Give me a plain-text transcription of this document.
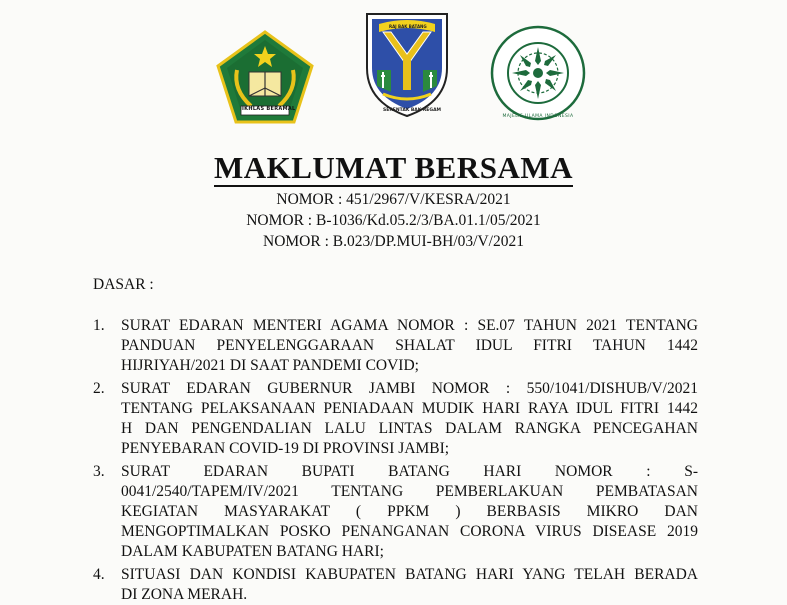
IKHLAS BERAMAL
RAJ BAK BATANG
SERENTAK BAK REGAM
MAJELIS ULAMA INDONESIA
MAKLUMAT BERSAMA
NOMOR : 451/2967/V/KESRA/2021
NOMOR : B-1036/Kd.05.2/3/BA.01.1/05/2021
NOMOR : B.023/DP.MUI-BH/03/V/2021
DASAR :
1.	SURAT EDARAN MENTERI AGAMA NOMOR : SE.07 TAHUN 2021 TENTANG
PANDUAN PENYELENGGARAAN SHALAT IDUL FITRI TAHUN 1442
HIJRIYAH/2021 DI SAAT PANDEMI COVID;
2.	SURAT EDARAN GUBERNUR JAMBI NOMOR : 550/1041/DISHUB/V/2021
TENTANG PELAKSANAAN PENIADAAN MUDIK HARI RAYA IDUL FITRI 1442
H DAN PENGENDALIAN LALU LINTAS DALAM RANGKA PENCEGAHAN
PENYEBARAN COVID-19 DI PROVINSI JAMBI;
3.	SURAT EDARAN BUPATI BATANG HARI NOMOR : S-
0041/2540/TAPEM/IV/2021 TENTANG PEMBERLAKUAN PEMBATASAN
KEGIATAN MASYARAKAT ( PPKM ) BERBASIS MIKRO DAN
MENGOPTIMALKAN POSKO PENANGANAN CORONA VIRUS DISEASE 2019
DALAM KABUPATEN BATANG HARI;
4.	SITUASI DAN KONDISI KABUPATEN BATANG HARI YANG TELAH BERADA
DI ZONA MERAH.
